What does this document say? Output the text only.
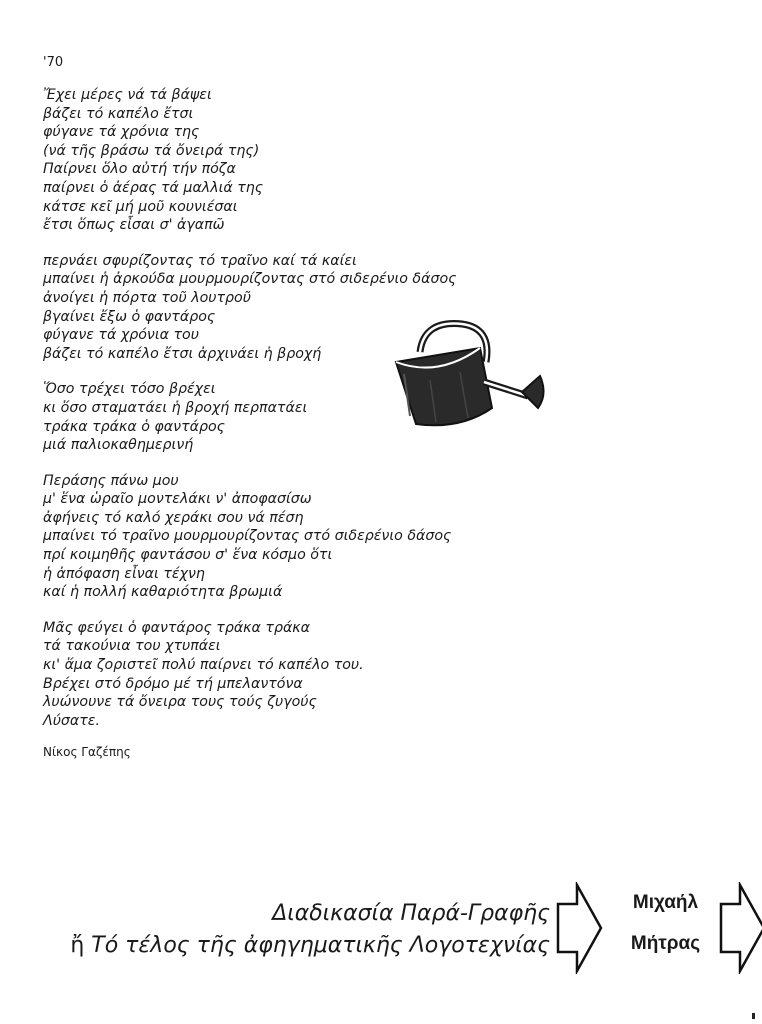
'70
Ἔχει μέρες νά τά βάψει
βάζει τό καπέλο ἔτσι
φύγανε τά χρόνια της
(νά τῆς βράσω τά ὄνειρά της)
Παίρνει ὅλο αὐτή τήν πόζα
παίρνει ὁ ἀέρας τά μαλλιά της
κάτσε κεῖ μή μοῦ κουνιέσαι
ἔτσι ὅπως εἶσαι σ' ἀγαπῶ
περνάει σφυρίζοντας τό τραῖνο καί τά καίει
μπαίνει ἡ ἀρκούδα μουρμουρίζοντας στό σιδερένιο δάσος
ἀνοίγει ἡ πόρτα τοῦ λουτροῦ
βγαίνει ἔξω ὁ φαντάρος
φύγανε τά χρόνια του
βάζει τό καπέλο ἔτσι ἀρχινάει ἡ βροχή
Ὅσο τρέχει τόσο βρέχει
κι ὅσο σταματάει ἡ βροχή περπατάει
τράκα τράκα ὁ φαντάρος
μιά παλιοκαθημερινή
Περάσης πάνω μου
μ' ἕνα ὡραῖο μοντελάκι ν' ἀποφασίσω
ἀφήνεις τό καλό χεράκι σου νά πέση
μπαίνει τό τραῖνο μουρμουρίζοντας στό σιδερένιο δάσος
πρί κοιμηθῆς φαντάσου σ' ἕνα κόσμο ὅτι
ἡ ἀπόφαση εἶναι τέχνη
καί ἡ πολλή καθαριότητα βρωμιά
Μᾶς φεύγει ὁ φαντάρος τράκα τράκα
τά τακούνια του χτυπάει
κι' ἅμα ζοριστεῖ πολύ παίρνει τό καπέλο του.
Βρέχει στό δρόμο μέ τή μπελαντόνα
λυώνουνε τά ὄνειρα τους τούς ζυγούς
Λύσατε.
Νίκος Γαζέπης
Διαδικασία Παρά-Γραφῆς
ἤ Τό τέλος τῆς ἀφηγηματικῆς Λογοτεχνίας
Μιχαήλ
Μήτρας
